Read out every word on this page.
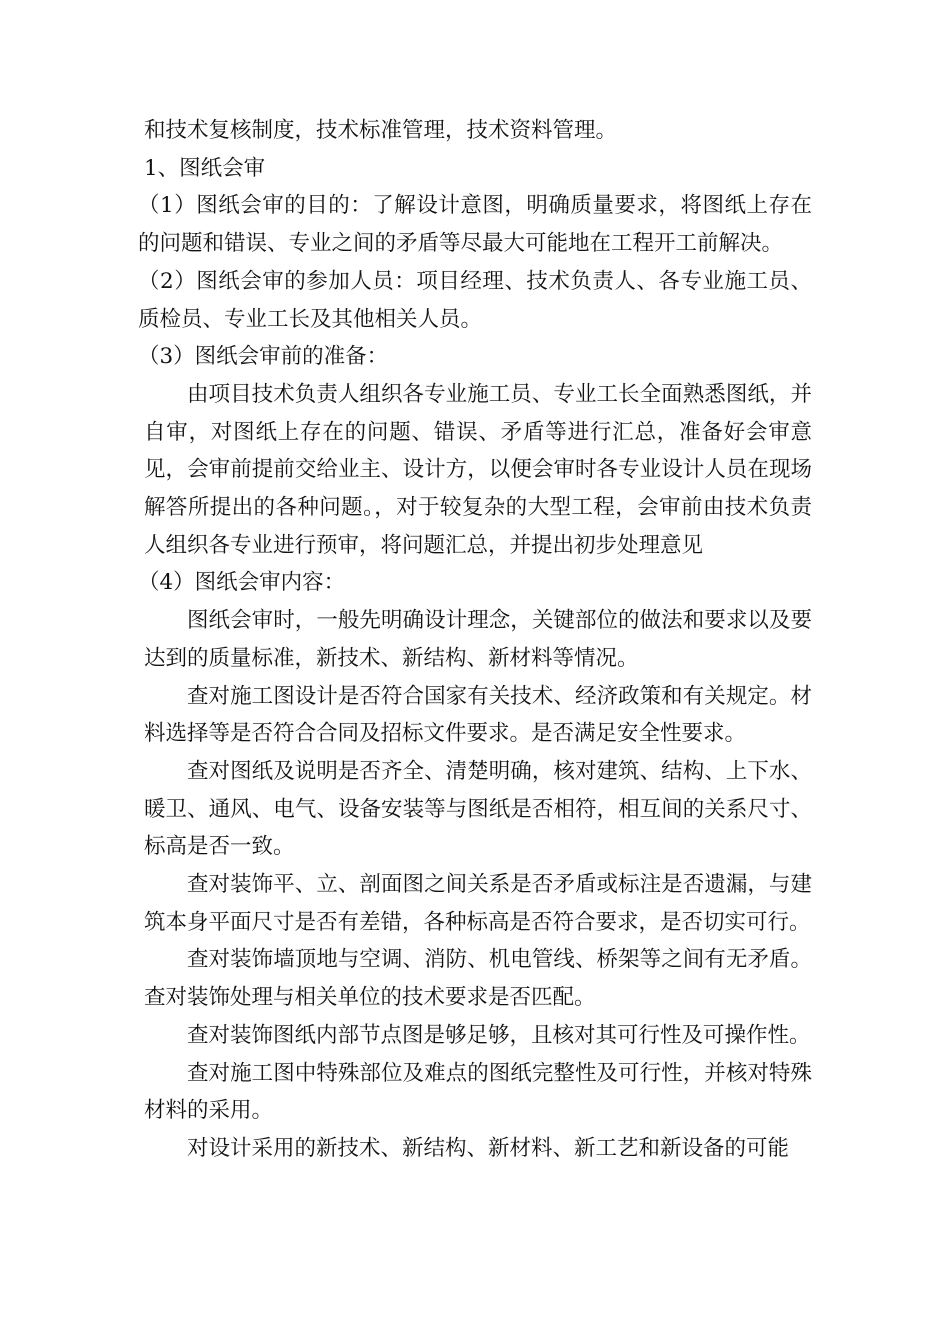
和技术复核制度，技术标准管理，技术资料管理。

1、图纸会审

（1）图纸会审的目的：了解设计意图，明确质量要求，将图纸上存在的问题和错误、专业之间的矛盾等尽最大可能地在工程开工前解决。

（2）图纸会审的参加人员：项目经理、技术负责人、各专业施工员、质检员、专业工长及其他相关人员。

（3）图纸会审前的准备：

由项目技术负责人组织各专业施工员、专业工长全面熟悉图纸，并自审，对图纸上存在的问题、错误、矛盾等进行汇总，准备好会审意见，会审前提前交给业主、设计方，以便会审时各专业设计人员在现场解答所提出的各种问题。，对于较复杂的大型工程，会审前由技术负责人组织各专业进行预审，将问题汇总，并提出初步处理意见

（4）图纸会审内容：

图纸会审时，一般先明确设计理念，关键部位的做法和要求以及要达到的质量标准，新技术、新结构、新材料等情况。

查对施工图设计是否符合国家有关技术、经济政策和有关规定。材料选择等是否符合合同及招标文件要求。是否满足安全性要求。

查对图纸及说明是否齐全、清楚明确，核对建筑、结构、上下水、暖卫、通风、电气、设备安装等与图纸是否相符，相互间的关系尺寸、标高是否一致。

查对装饰平、立、剖面图之间关系是否矛盾或标注是否遗漏，与建筑本身平面尺寸是否有差错，各种标高是否符合要求，是否切实可行。

查对装饰墙顶地与空调、消防、机电管线、桥架等之间有无矛盾。查对装饰处理与相关单位的技术要求是否匹配。

查对装饰图纸内部节点图是够足够，且核对其可行性及可操作性。

查对施工图中特殊部位及难点的图纸完整性及可行性，并核对特殊材料的采用。

对设计采用的新技术、新结构、新材料、新工艺和新设备的可能
